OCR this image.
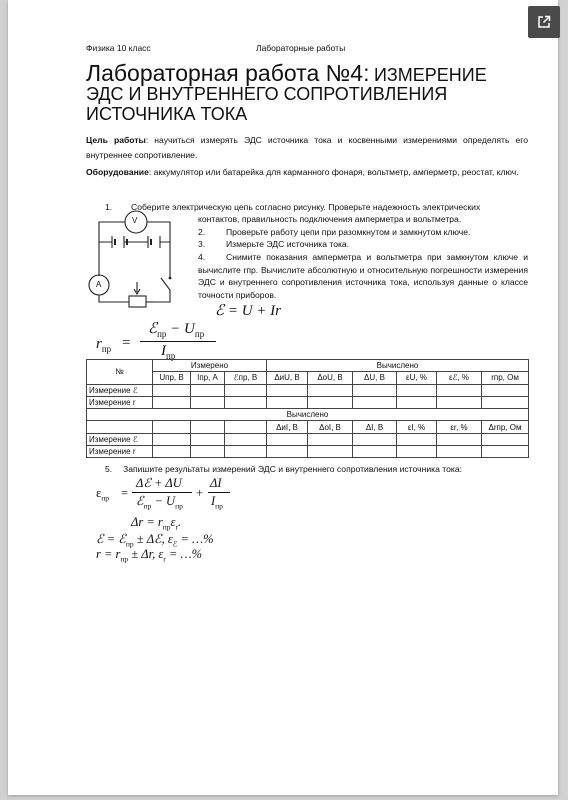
Физика 10 класс	Лабораторные работы
Лабораторная работа №4: ИЗМЕРЕНИЕ
ЭДС И ВНУТРЕННЕГО СОПРОТИВЛЕНИЯ
ИСТОЧНИКА ТОКА
Цель работы: научиться измерять ЭДС источника тока и косвенными измерениями определять его внутреннее сопротивление.
Оборудование: аккумулятор или батарейка для карманного фонаря, вольтметр, амперметр, реостат, ключ.
V
A
1. Соберите электрическую цепь согласно рисунку. Проверьте надежность электрических
контактов, правильность подключения амперметра и вольтметра.
2. Проверьте работу цепи при разомкнутом и замкнутом ключе.
3. Измерьте ЭДС источника тока.
4.	Снимите показания амперметра и вольтметра при замкнутом ключе и вычислите rпр. Вычислите абсолютную и относительную погрешности измерения ЭДС и внутреннего сопротивления источника тока, используя данные о классе точности приборов.
ℰ = U + Ir
$r_{пр}$ =
ℰ$_{пр}$ − $U_{пр}$
$I_{пр}$
№	Измерено			Вычислено					
	Uпр, В	Iпр, А	ℰпр, В	ΔиU, В	ΔоU, В	ΔU, В	εU, %	εℰ, %	rпр, Ом
Измерение ℰ									
Измерение r									
Вычислено									
				ΔиI, В	ΔоI, В	ΔI, В	εI, %	εr, %	Δrпр, Ом
Измерение ℰ									
Измерение r									
5. Запишите результаты измерений ЭДС и внутреннего сопротивления источника тока:
$\varepsilon_{пр}$ =
Δℰ + ΔU
ℰ$_{пр}$ − $U_{пр}$
+
ΔI
$I_{пр}$
$\Delta r = r_{пр}\varepsilon_r$.
ℰ = ℰ$_{пр}$ ± Δℰ, $\varepsilon_ℰ$ = …%
$r = r_{пр} \pm \Delta r$, $\varepsilon_r$ = …%
